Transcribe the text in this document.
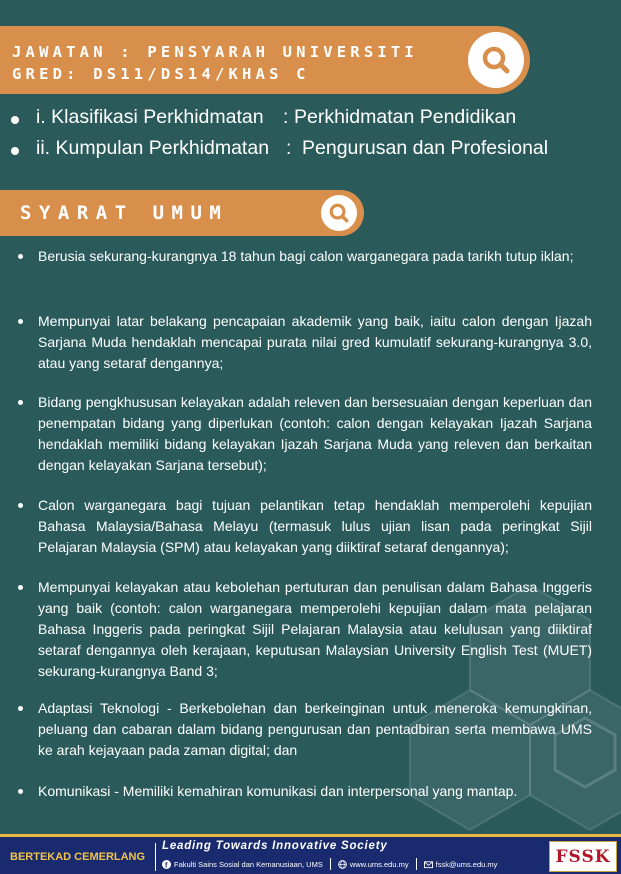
JAWATAN : PENSYARAH UNIVERSITI
GRED: DS11/DS14/KHAS C
i. Klasifikasi Perkhidmatan : Perkhidmatan Pendidikan
ii. Kumpulan Perkhidmatan : Pengurusan dan Profesional
SYARAT UMUM
Berusia sekurang-kurangnya 18 tahun bagi calon warganegara pada tarikh tutup iklan;
Mempunyai latar belakang pencapaian akademik yang baik, iaitu calon dengan Ijazah Sarjana Muda hendaklah mencapai purata nilai gred kumulatif sekurang-kurangnya 3.0, atau yang setaraf dengannya;
Bidang pengkhususan kelayakan adalah releven dan bersesuaian dengan keperluan dan penempatan bidang yang diperlukan (contoh: calon dengan kelayakan Ijazah Sarjana hendaklah memiliki bidang kelayakan Ijazah Sarjana Muda yang releven dan berkaitan dengan kelayakan Sarjana tersebut);
Calon warganegara bagi tujuan pelantikan tetap hendaklah memperolehi kepujian Bahasa Malaysia/Bahasa Melayu (termasuk lulus ujian lisan pada peringkat Sijil Pelajaran Malaysia (SPM) atau kelayakan yang diiktiraf setaraf dengannya);
Mempunyai kelayakan atau kebolehan pertuturan dan penulisan dalam Bahasa Inggeris yang baik (contoh: calon warganegara memperolehi kepujian dalam mata pelajaran Bahasa Inggeris pada peringkat Sijil Pelajaran Malaysia atau kelulusan yang diiktiraf setaraf dengannya oleh kerajaan, keputusan Malaysian University English Test (MUET) sekurang-kurangnya Band 3;
Adaptasi Teknologi - Berkebolehan dan berkeinginan untuk meneroka kemungkinan, peluang dan cabaran dalam bidang pengurusan dan pentadbiran serta membawa UMS ke arah kejayaan pada zaman digital; dan
Komunikasi - Memiliki kemahiran komunikasi dan interpersonal yang mantap.
BERTEKAD CEMERLANG
Leading Towards Innovative Society
f Fakulti Sains Sosial dan Kemanusiaan, UMS	www.ums.edu.my	fssk@ums.edu.my	FSSK
